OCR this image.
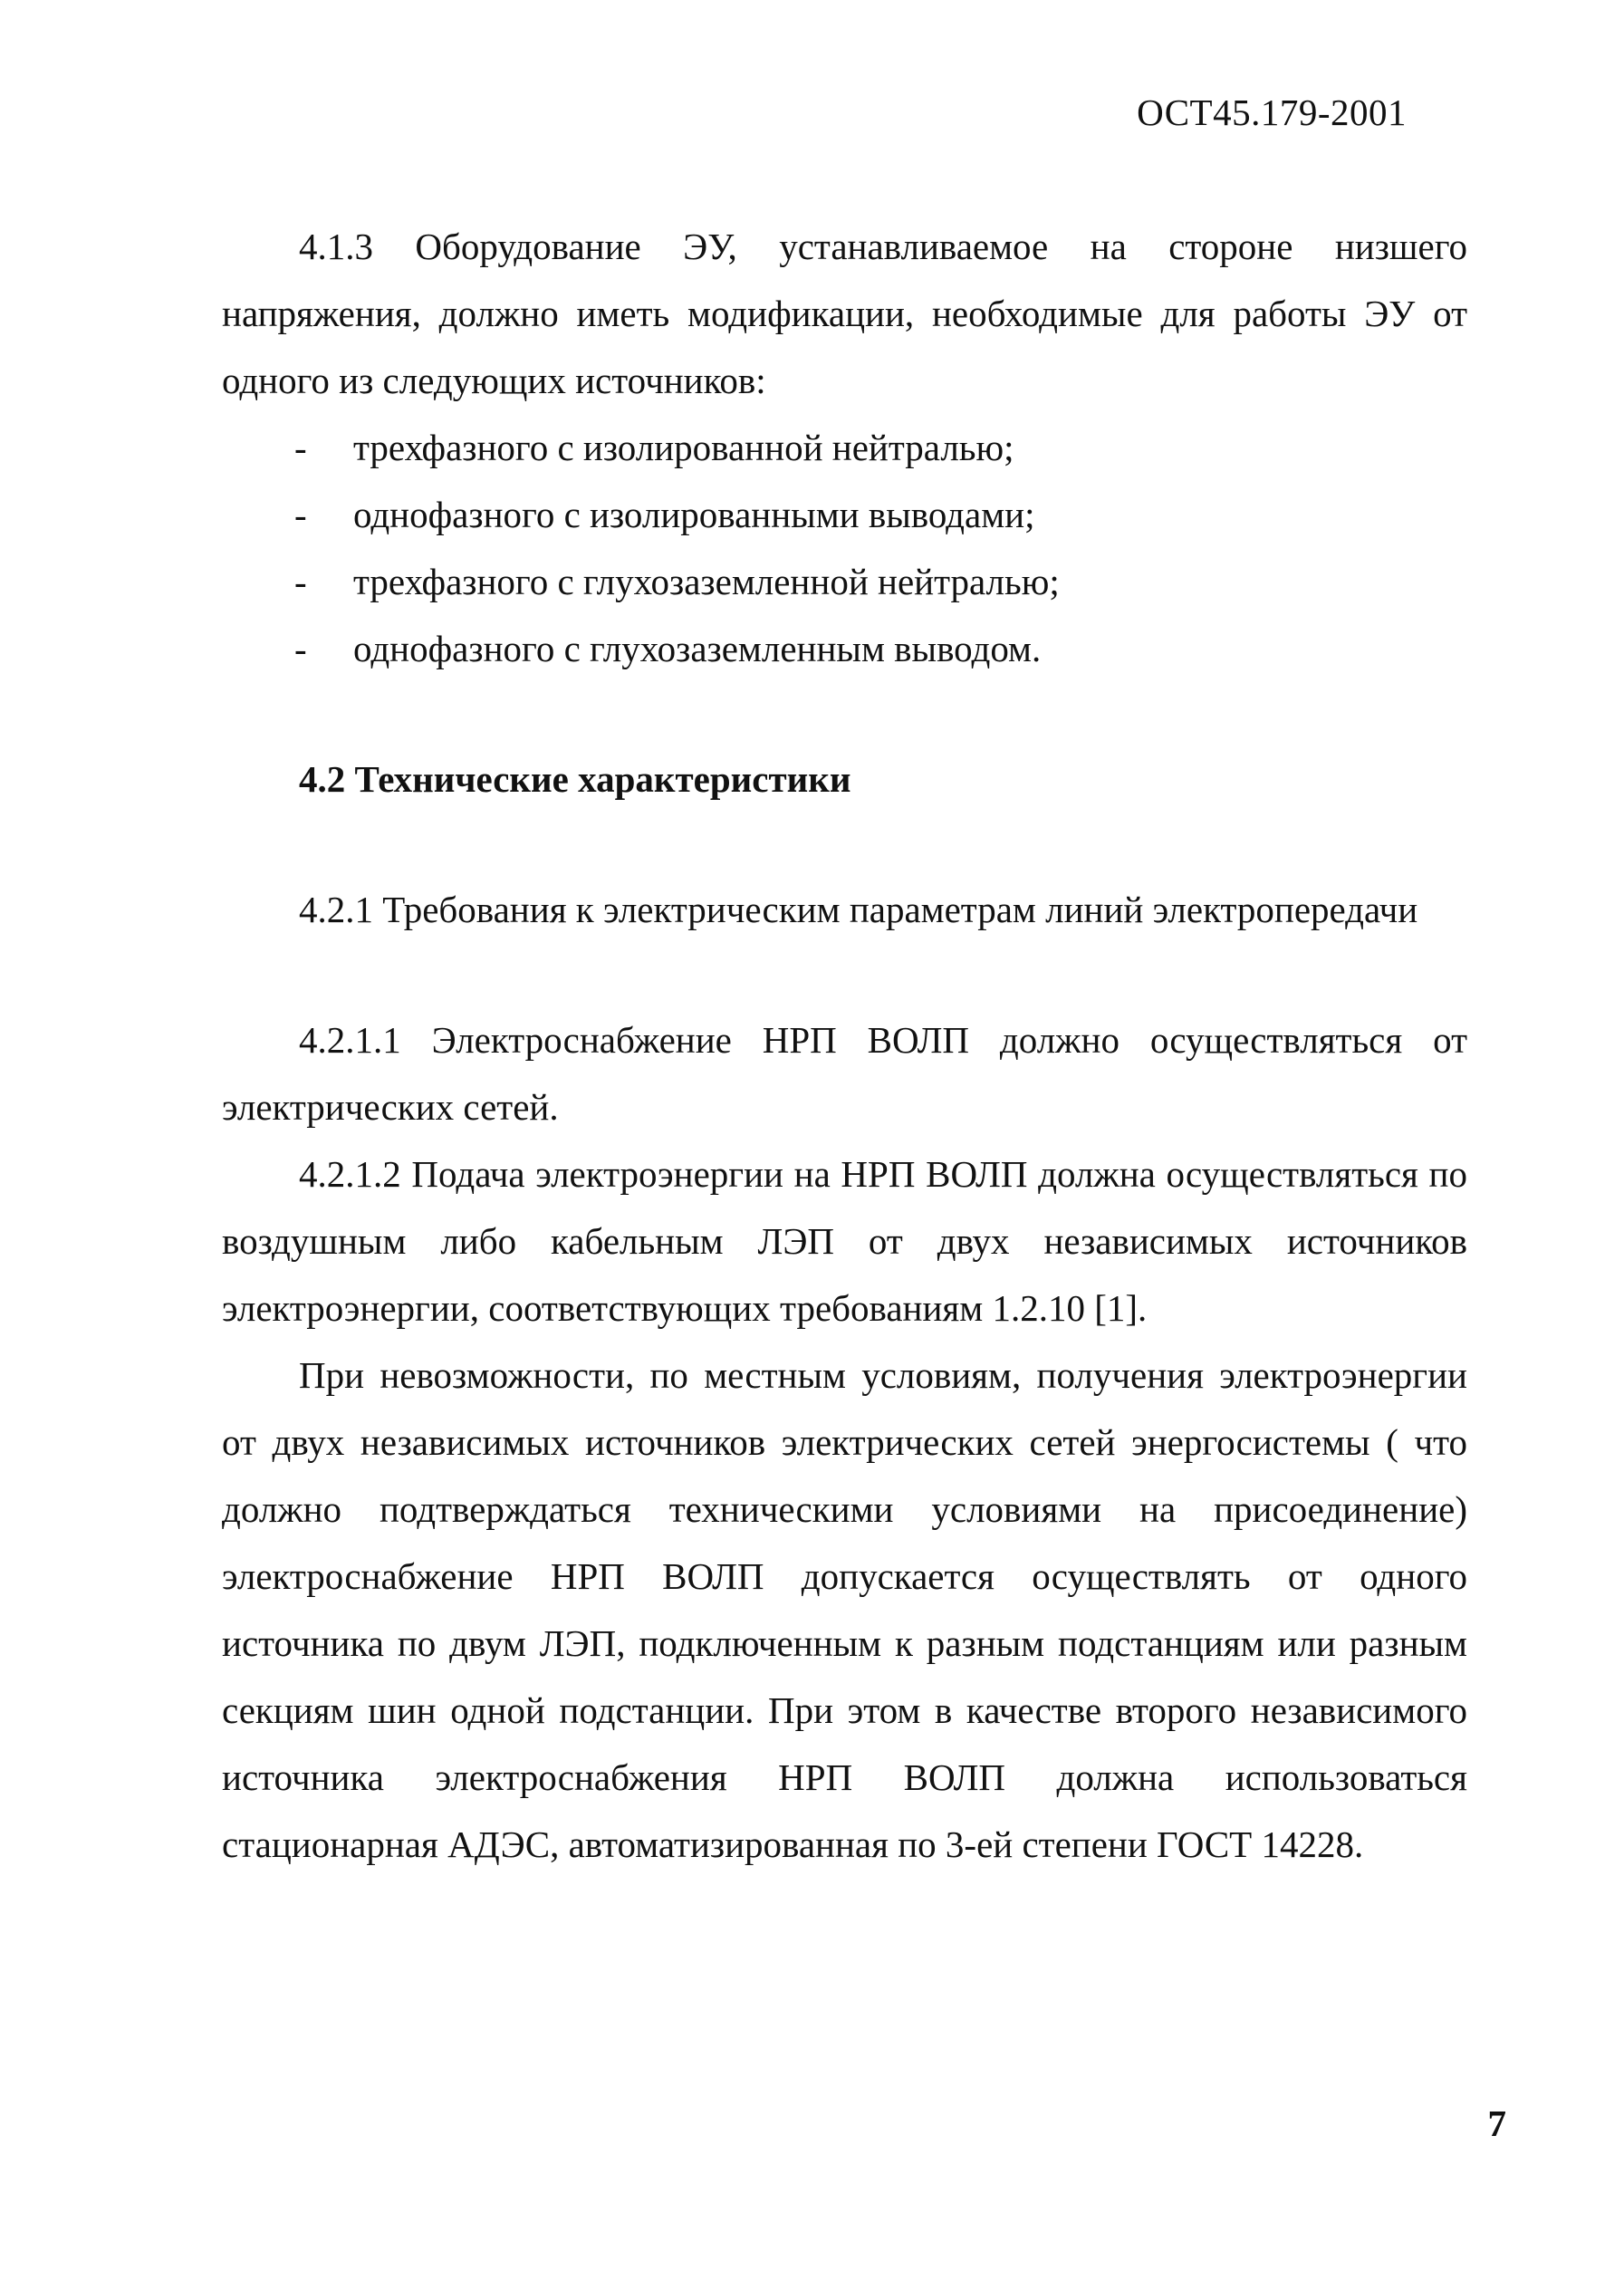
ОСТ45.179-2001

4.1.3 Оборудование ЭУ, устанавливаемое на стороне низшего напряжения, должно иметь модификации, необходимые для работы ЭУ от одного из следующих источников:

- трехфазного с изолированной нейтралью;
- однофазного с изолированными выводами;
- трехфазного с глухозаземленной нейтралью;
- однофазного с глухозаземленным выводом.

4.2 Технические характеристики

4.2.1 Требования к электрическим параметрам линий электропередачи

4.2.1.1 Электроснабжение НРП ВОЛП должно осуществляться от электрических сетей.

4.2.1.2 Подача электроэнергии на НРП ВОЛП должна осуществляться по воздушным либо кабельным ЛЭП от двух независимых источников электроэнергии, соответствующих требованиям 1.2.10 [1].

При невозможности, по местным условиям, получения электроэнергии от двух независимых источников электрических сетей энергосистемы ( что должно подтверждаться техническими условиями на присоединение) электроснабжение НРП ВОЛП допускается осуществлять от одного источника по двум ЛЭП, подключенным к разным подстанциям или разным секциям шин одной подстанции. При этом в качестве второго независимого источника электроснабжения НРП ВОЛП должна использоваться стационарная АДЭС, автоматизированная по 3-ей степени ГОСТ 14228.

7
